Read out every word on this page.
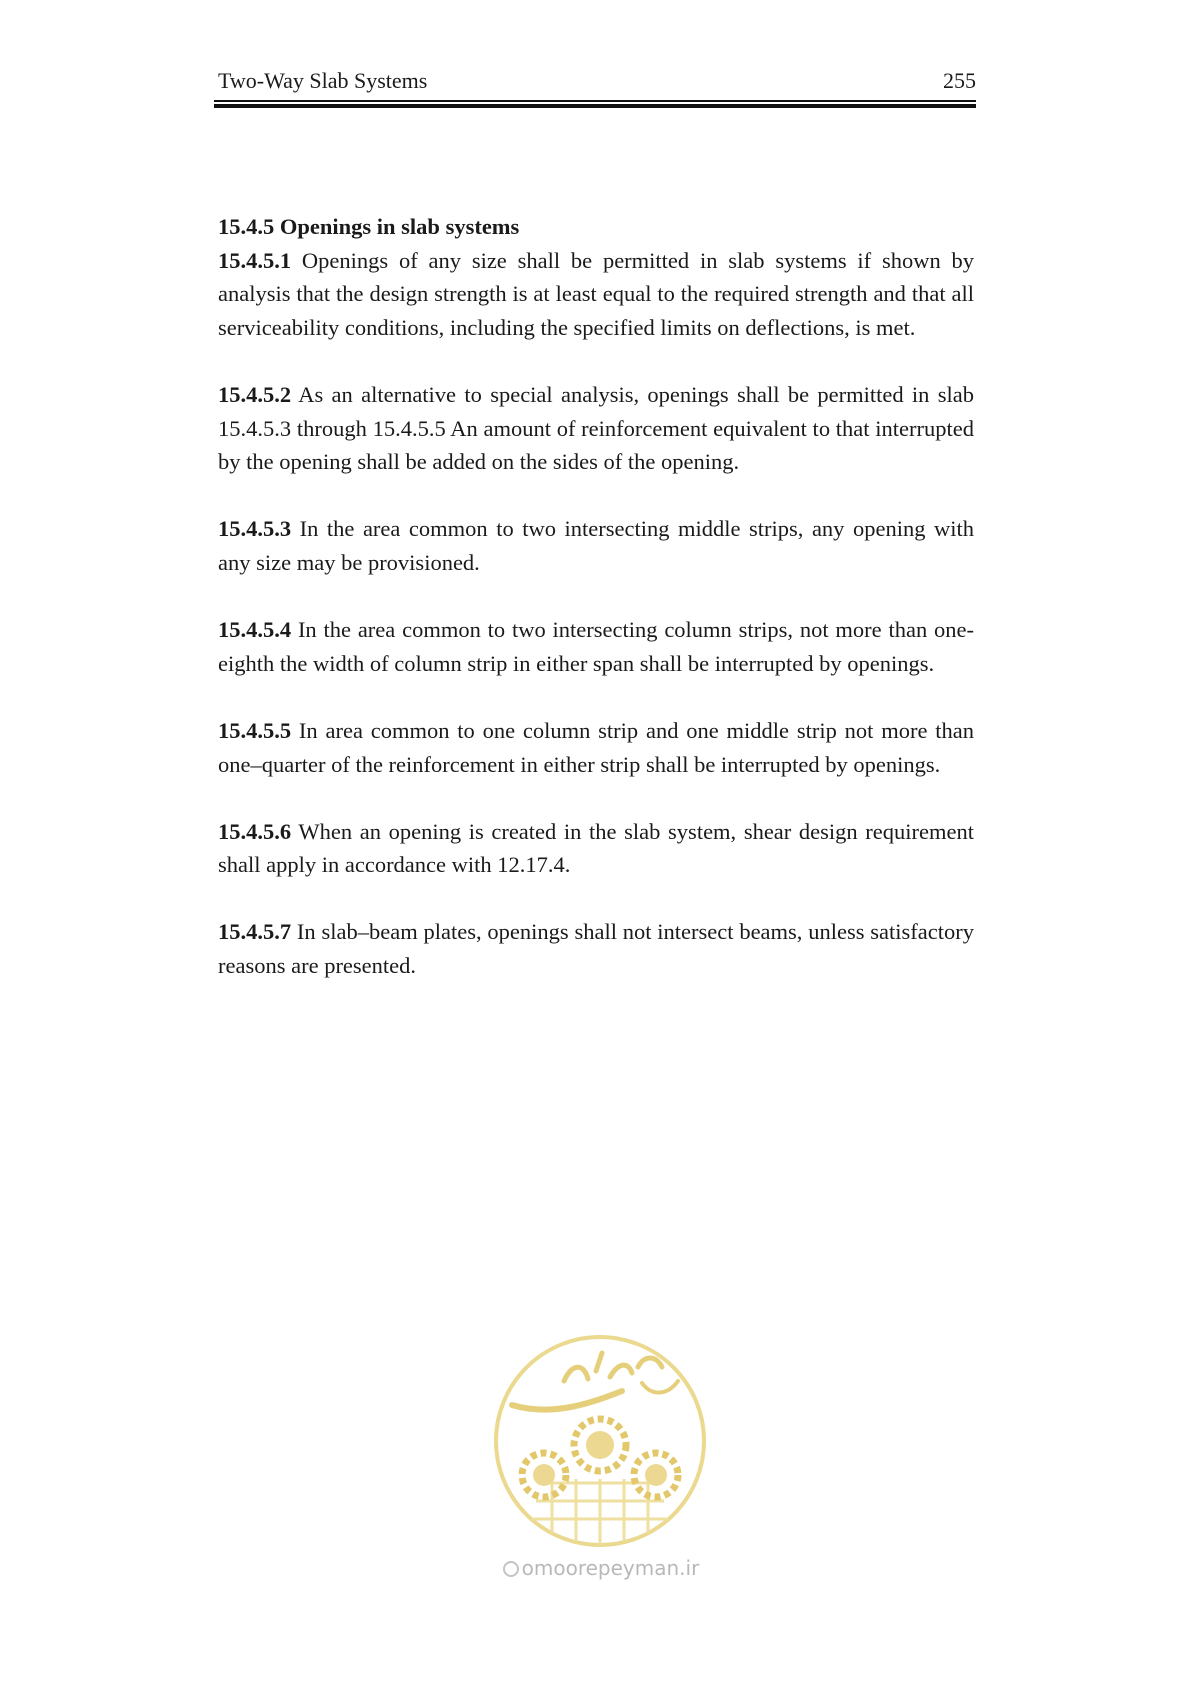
Two-Way Slab Systems	255

15.4.5 Openings in slab systems

15.4.5.1 Openings of any size shall be permitted in slab systems if shown by analysis that the design strength is at least equal to the required strength and that all serviceability conditions, including the specified limits on deflections, is met.

15.4.5.2 As an alternative to special analysis, openings shall be permitted in slab 15.4.5.3 through 15.4.5.5 An amount of reinforcement equivalent to that interrupted by the opening shall be added on the sides of the opening.

15.4.5.3 In the area common to two intersecting middle strips, any opening with any size may be provisioned.

15.4.5.4 In the area common to two intersecting column strips, not more than one-eighth the width of column strip in either span shall be interrupted by openings.

15.4.5.5 In area common to one column strip and one middle strip not more than one–quarter of the reinforcement in either strip shall be interrupted by openings.

15.4.5.6 When an opening is created in the slab system, shear design requirement shall apply in accordance with 12.17.4.

15.4.5.7 In slab–beam plates, openings shall not intersect beams, unless satisfactory reasons are presented.

امورپیمان
omoorepeyman.ir
